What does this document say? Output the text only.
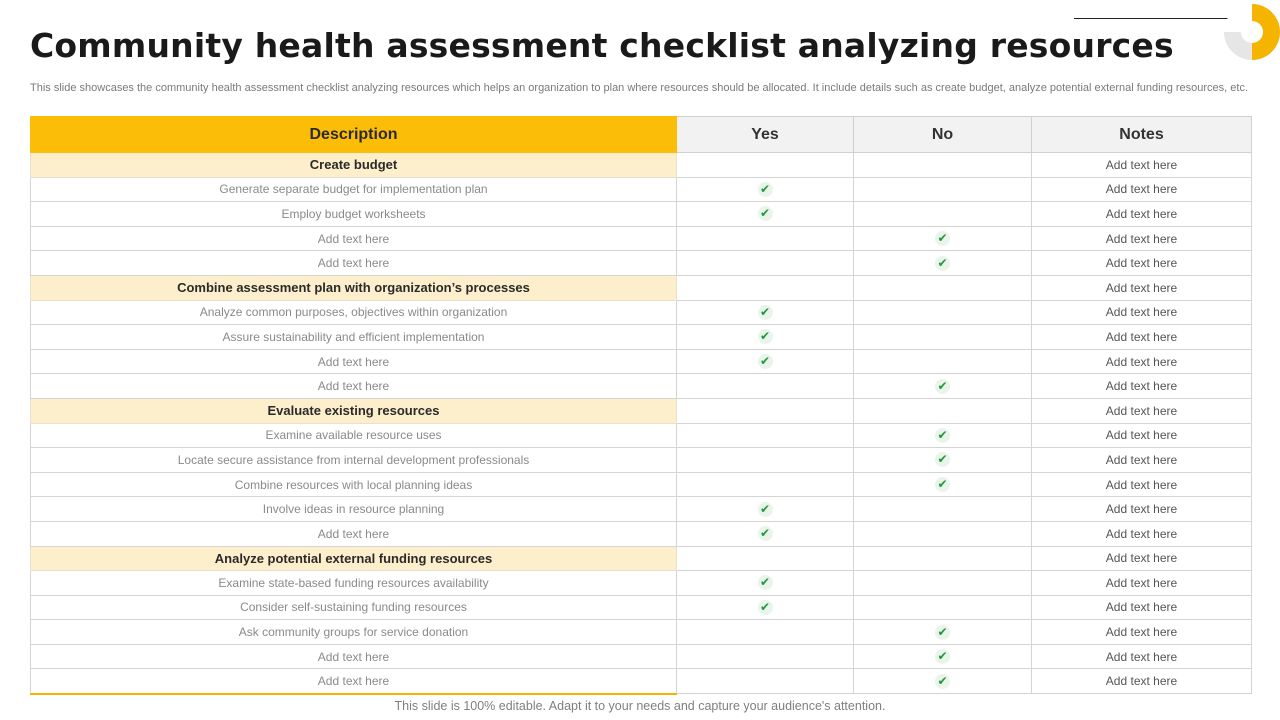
Community health assessment checklist analyzing resources
This slide showcases the community health assessment checklist analyzing resources which helps an organization to plan where resources should be allocated. It include details such as create budget, analyze potential external funding resources, etc.
Description	Yes	No	Notes
Create budget			Add text here
Generate separate budget for implementation plan	✔		Add text here
Employ budget worksheets	✔		Add text here
Add text here		✔	Add text here
Add text here		✔	Add text here
Combine assessment plan with organization’s processes			Add text here
Analyze common purposes, objectives within organization	✔		Add text here
Assure sustainability and efficient implementation	✔		Add text here
Add text here	✔		Add text here
Add text here		✔	Add text here
Evaluate existing resources			Add text here
Examine available resource uses		✔	Add text here
Locate secure assistance from internal development professionals		✔	Add text here
Combine resources with local planning ideas		✔	Add text here
Involve ideas in resource planning	✔		Add text here
Add text here	✔		Add text here
Analyze potential external funding resources			Add text here
Examine state-based funding resources availability	✔		Add text here
Consider self-sustaining funding resources	✔		Add text here
Ask community groups for service donation		✔	Add text here
Add text here		✔	Add text here
Add text here		✔	Add text here
This slide is 100% editable. Adapt it to your needs and capture your audience's attention.
